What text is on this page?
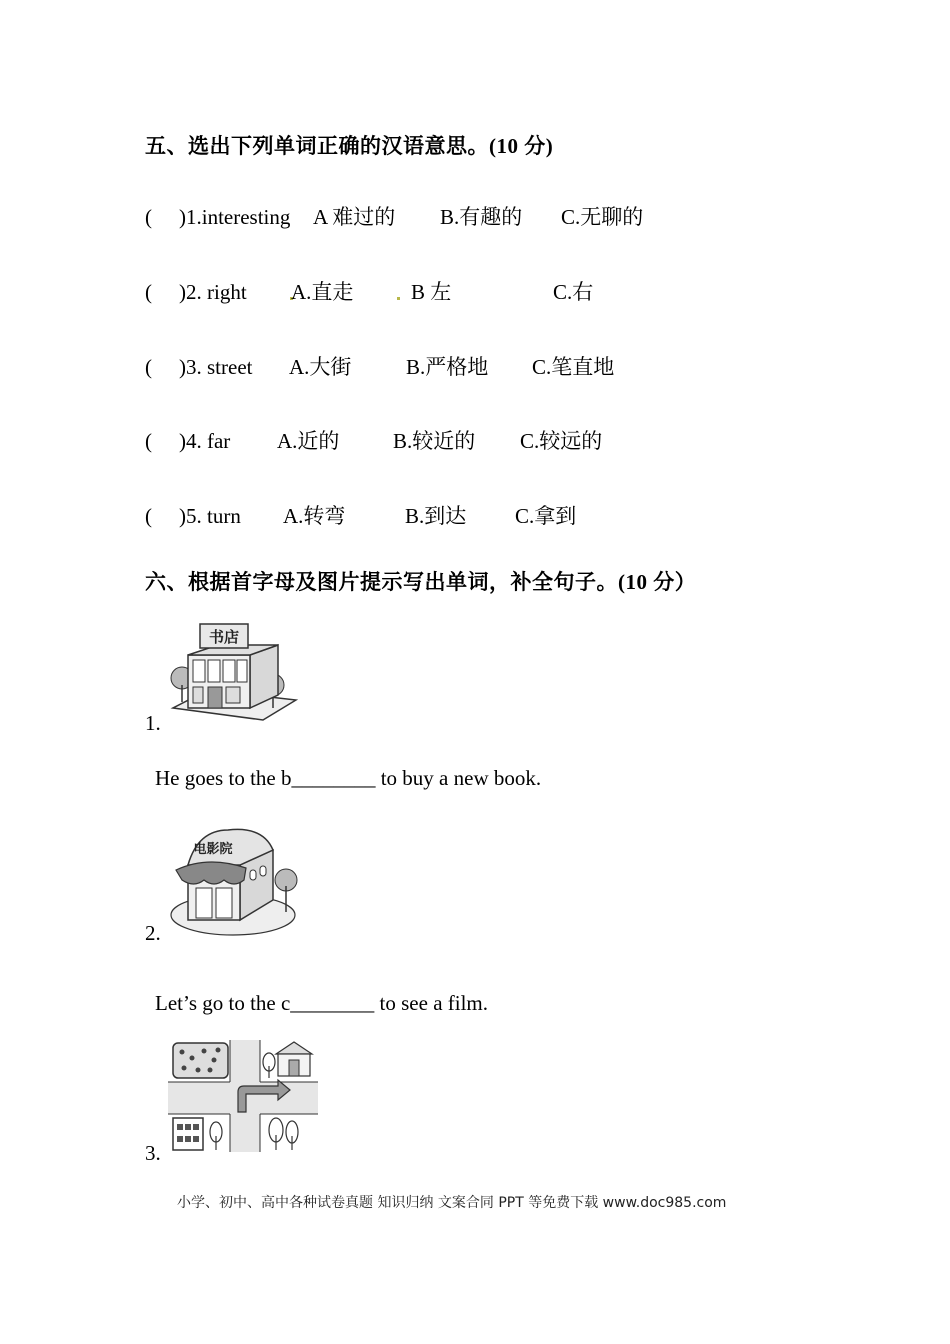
五、选出下列单词正确的汉语意思。(10 分)
( )1.interesting A 难过的 B.有趣的 C.无聊的
( )2. right A.直走	B 左	C.右
( )3. street A.大街	B.严格地 C.笔直地
( )4. far A.近的	B.较近的 C.较远的
( )5. turn A.转弯	B.到达 C.拿到
六、根据首字母及图片提示写出单词，补全句子。(10 分）
书店
1.
He goes to the b________ to buy a new book.
电影院
2.
Let’s go to the c________ to see a film.
3.
小学、初中、高中各种试卷真题 知识归纳 文案合同 PPT 等免费下载 www.doc985.com
